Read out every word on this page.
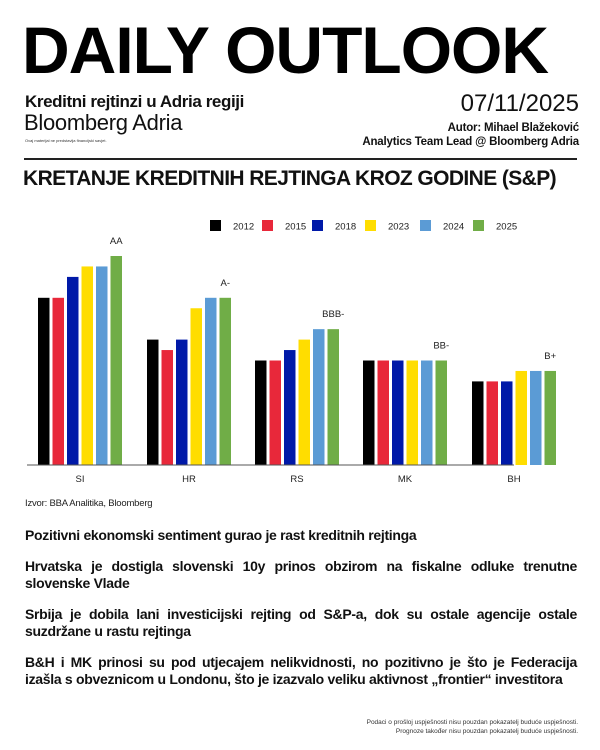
DAILY OUTLOOK
Kreditni rejtinzi u Adria regiji
Bloomberg Adria
Ovaj materijal ne predstavlja financijski savjet.
07/11/2025
Autor: Mihael Blažeković
Analytics Team Lead @ Bloomberg Adria
KRETANJE KREDITNIH REJTINGA KROZ GODINE (S&P)
2012	2015	2018	2023	2024	2025
AA
A-
BBB-
BB-
B+
SI	HR	RS	MK	BH
Izvor: BBA Analitika, Bloomberg

Pozitivni ekonomski sentiment gurao je rast kreditnih rejtinga

Hrvatska je dostigla slovenski 10y prinos obzirom na fiskalne odluke trenutne slovenske Vlade

Srbija je dobila lani investicijski rejting od S&P-a, dok su ostale agencije ostale suzdržane u rastu rejtinga

B&H i MK prinosi su pod utjecajem nelikvidnosti, no pozitivno je što je Federacija izašla s obveznicom u Londonu, što je izazvalo veliku aktivnost „frontier“ investitora

Podaci o prošloj uspješnosti nisu pouzdan pokazatelj buduće uspješnosti.
Prognoze također nisu pouzdan pokazatelj buduće uspješnosti.
